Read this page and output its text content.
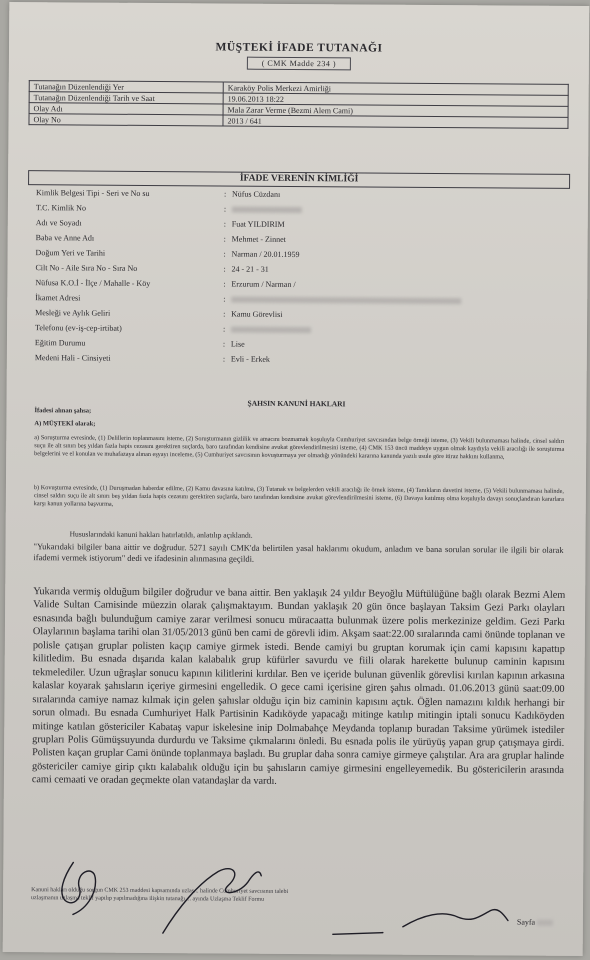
MÜŞTEKİ İFADE TUTANAĞI
( CMK Madde 234 )
Tutanağın Düzenlendiği Yer	Karaköy Polis Merkezi Amirliği
Tutanağın Düzenlendiği Tarih ve Saat	19.06.2013 18:22
Olay Adı	Mala Zarar Verme (Bezmi Alem Cami)
Olay No	2013 / 641
İFADE VERENİN KİMLİĞİ
Kimlik Belgesi Tipi - Seri ve No su	: Nüfus Cüzdanı
T.C. Kimlik No	:
Adı ve Soyadı	: Fuat YILDIRIM
Baba ve Anne Adı	: Mehmet - Zinnet
Doğum Yeri ve Tarihi	: Narman / 20.01.1959
Cilt No - Aile Sıra No - Sıra No	: 24 - 21 - 31
Nüfusa K.O.İ - İlçe / Mahalle - Köy	: Erzurum / Narman /
İkamet Adresi	:
Mesleği ve Aylık Geliri	: Kamu Görevlisi
Telefonu (ev-iş-cep-irtibat)	:
Eğitim Durumu	: Lise
Medeni Hali - Cinsiyeti	: Evli - Erkek
ŞAHSIN KANUNİ HAKLARI
İfadesi alınan şahsa;
A) MÜŞTEKİ olarak;
a) Soruşturma evresinde, (1) Delillerin toplanmasını isteme, (2) Soruşturmanın gizlilik ve amacını bozmamak koşuluyla Cumhuriyet savcısından belge örneği isteme, (3) Vekili bulunmaması halinde, cinsel saldırı suçu ile alt sınırı beş yıldan fazla hapis cezasını gerektiren suçlarda, baro tarafından kendisine avukat görevlendirilmesini isteme, (4) CMK 153 üncü maddeye uygun olmak kaydıyla vekili aracılığı ile soruşturma belgelerini ve el konulan ve muhafazaya alınan eşyayı inceleme, (5) Cumhuriyet savcısının kovuşturmaya yer olmadığı yönündeki kararına kanunda yazılı usule göre itiraz hakkını kullanma,
b) Kovuşturma evresinde, (1) Duruşmadan haberdar edilme, (2) Kamu davasına katılma, (3) Tutanak ve belgelerden vekili aracılığı ile örnek isteme, (4) Tanıkların davetini isteme, (5) Vekili bulunmaması halinde, cinsel saldırı suçu ile alt sınırı beş yıldan fazla hapis cezasını gerektiren suçlarda, baro tarafından kendisine avukat görevlendirilmesini isteme, (6) Davaya katılmış olma koşuluyla davayı sonuçlandıran kararlara karşı kanun yollarına başvurma,
Hususlarındaki kanuni hakları hatırlatıldı, anlatılıp açıklandı.
"Yukarıdaki bilgiler bana aittir ve doğrudur. 5271 sayılı CMK'da belirtilen yasal haklarımı okudum, anladım ve bana sorulan sorular ile ilgili bir olarak ifademi vermek istiyorum" dedi ve ifadesinin alınmasına geçildi.
Yukarıda vermiş olduğum bilgiler doğrudur ve bana aittir. Ben yaklaşık 24 yıldır Beyoğlu Müftülüğüne bağlı olarak Bezmi Alem Valide Sultan Camisinde müezzin olarak çalışmaktayım. Bundan yaklaşık 20 gün önce başlayan Taksim Gezi Parkı olayları esnasında bağlı bulunduğum camiye zarar verilmesi sonucu müracaatta bulunmak üzere polis merkezinize geldim. Gezi Parkı Olaylarının başlama tarihi olan 31/05/2013 günü ben cami de görevli idim. Akşam saat:22.00 sıralarında cami önünde toplanan ve polisle çatışan gruplar polisten kaçıp camiye girmek istedi. Bende camiyi bu gruptan korumak için cami kapısını kapattıp kilitledim. Bu esnada dışarıda kalan kalabalık grup küfürler savurdu ve fiili olarak harekette bulunup caminin kapısını tekmelediler. Uzun uğraşlar sonucu kapının kilitlerini kırdılar. Ben ve içeride bulunan güvenlik görevlisi kırılan kapının arkasına kalaslar koyarak şahısların içeriye girmesini engelledik. O gece cami içerisine giren şahıs olmadı. 01.06.2013 günü saat:09.00 sıralarında camiye namaz kılmak için gelen şahıslar olduğu için biz caminin kapısını açtık. Öğlen namazını kıldık herhangi bir sorun olmadı. Bu esnada Cumhuriyet Halk Partisinin Kadıköyde yapacağı mitinge katılıp mitingin iptali sonucu Kadıköyden mitinge katılan göstericiler Kabataş vapur iskelesine inip Dolmabahçe Meydanda toplanıp buradan Taksime yürümek istediler grupları Polis Gümüşsuyunda durdurdu ve Taksime çıkmalarını önledi. Bu esnada polis ile yürüyüş yapan grup çatışmaya girdi. Polisten kaçan gruplar Cami önünde toplanmaya başladı. Bu gruplar daha sonra camiye girmeye çalıştılar. Ara ara gruplar halinde göstericiler camiye girip çıktı kalabalık olduğu için bu şahısların camiye girmesini engelleyemedik. Bu göstericilerin arasında cami cemaati ve oradan geçmekte olan vatandaşlar da vardı.
Kanuni hakları olduğu sorgun CMK 253 maddesi kapsamında uzlaş... halinde Cumhuriyet savcısının talebi
uzlaşmanın uzlaşma teklif yapılıp yapılmadığına ilişkin tutanağı ... ayında Uzlaşma Teklif Formu
Sayfa
